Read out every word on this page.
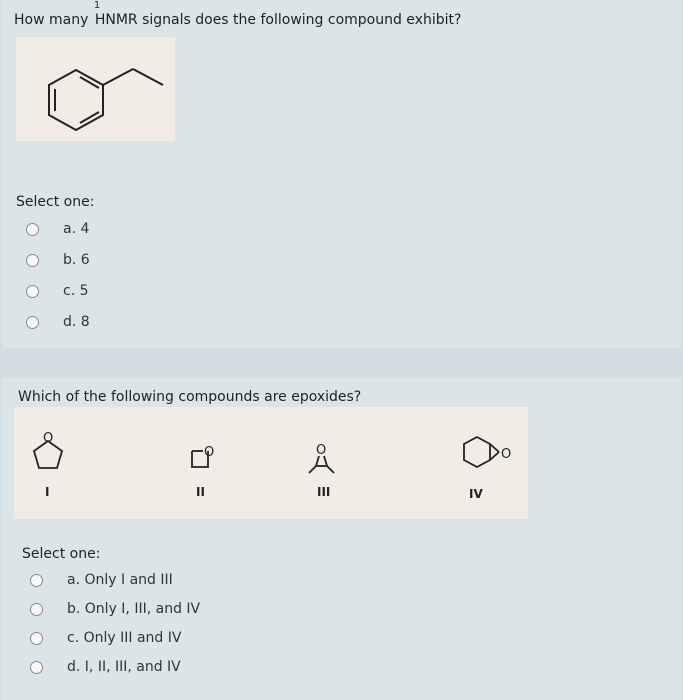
How many
1
HNMR signals does the following compound exhibit?
Select one:
a. 4
b. 6
c. 5
d. 8
Which of the following compounds are epoxides?
O
O	O	O
I	II	III	IV
Select one:
a. Only I and III
b. Only I, III, and IV
c. Only III and IV
d. I, II, III, and IV
